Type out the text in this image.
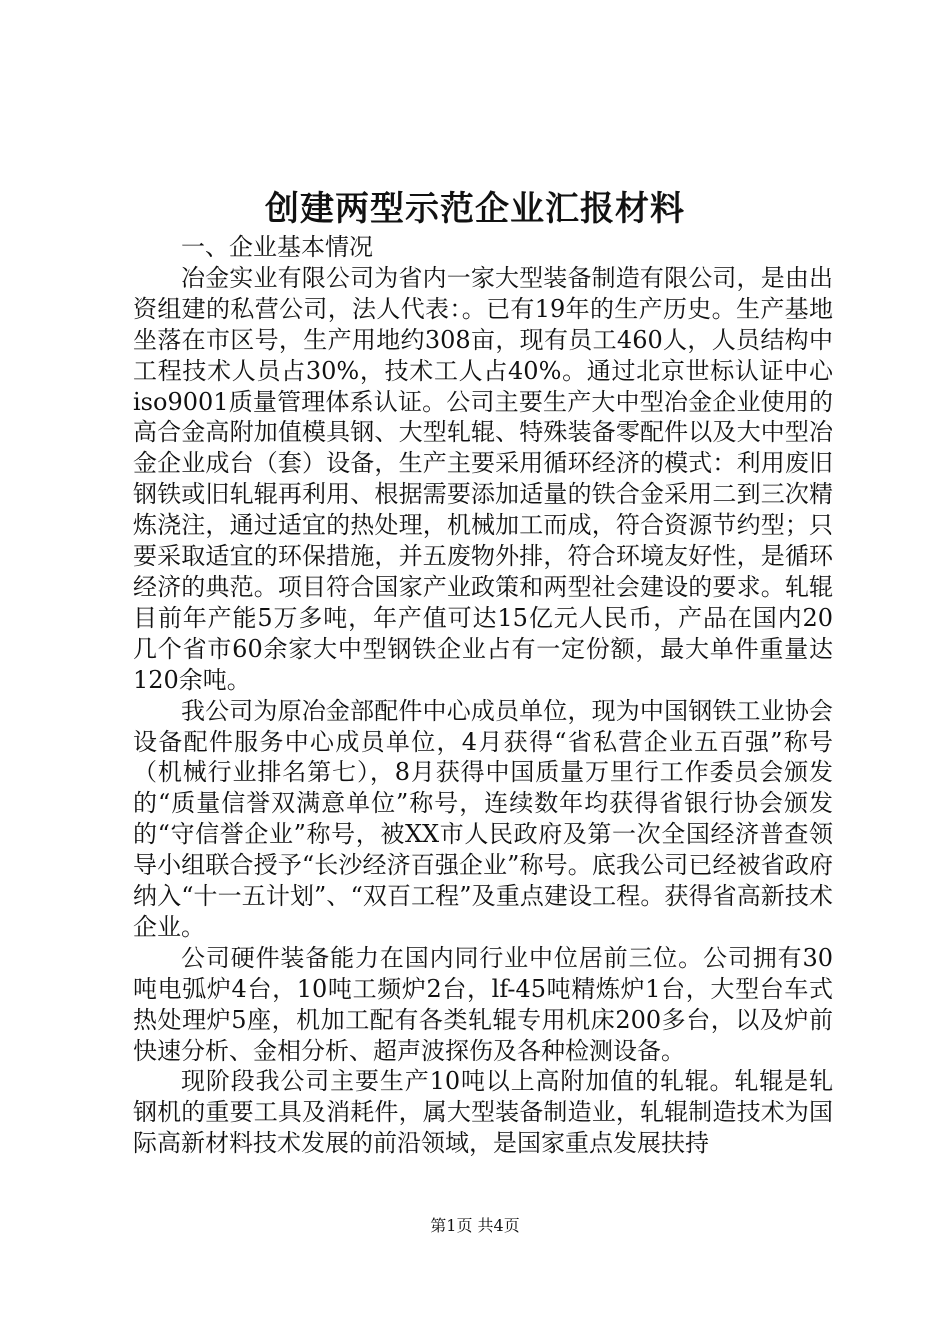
创建两型示范企业汇报材料

一、企业基本情况

冶金实业有限公司为省内一家大型装备制造有限公司，是由出资组建的私营公司，法人代表：。已有19年的生产历史。生产基地坐落在市区号，生产用地约308亩，现有员工460人，人员结构中工程技术人员占30%，技术工人占40%。通过北京世标认证中心iso9001质量管理体系认证。公司主要生产大中型冶金企业使用的高合金高附加值模具钢、大型轧辊、特殊装备零配件以及大中型冶金企业成台（套）设备，生产主要采用循环经济的模式：利用废旧钢铁或旧轧辊再利用、根据需要添加适量的铁合金采用二到三次精炼浇注，通过适宜的热处理，机械加工而成，符合资源节约型；只要采取适宜的环保措施，并五废物外排，符合环境友好性，是循环经济的典范。项目符合国家产业政策和两型社会建设的要求。轧辊目前年产能5万多吨，年产值可达15亿元人民币，产品在国内20几个省市60余家大中型钢铁企业占有一定份额，最大单件重量达120余吨。

我公司为原冶金部配件中心成员单位，现为中国钢铁工业协会设备配件服务中心成员单位，4月获得“省私营企业五百强”称号（机械行业排名第七），8月获得中国质量万里行工作委员会颁发的“质量信誉双满意单位”称号，连续数年均获得省银行协会颁发的“守信誉企业”称号，被XX市人民政府及第一次全国经济普查领导小组联合授予“长沙经济百强企业”称号。底我公司已经被省政府纳入“十一五计划”、“双百工程”及重点建设工程。获得省高新技术企业。

公司硬件装备能力在国内同行业中位居前三位。公司拥有30吨电弧炉4台，10吨工频炉2台，lf-45吨精炼炉1台，大型台车式热处理炉5座，机加工配有各类轧辊专用机床200多台，以及炉前快速分析、金相分析、超声波探伤及各种检测设备。

现阶段我公司主要生产10吨以上高附加值的轧辊。轧辊是轧钢机的重要工具及消耗件，属大型装备制造业，轧辊制造技术为国际高新材料技术发展的前沿领域，是国家重点发展扶持

第1页 共4页
